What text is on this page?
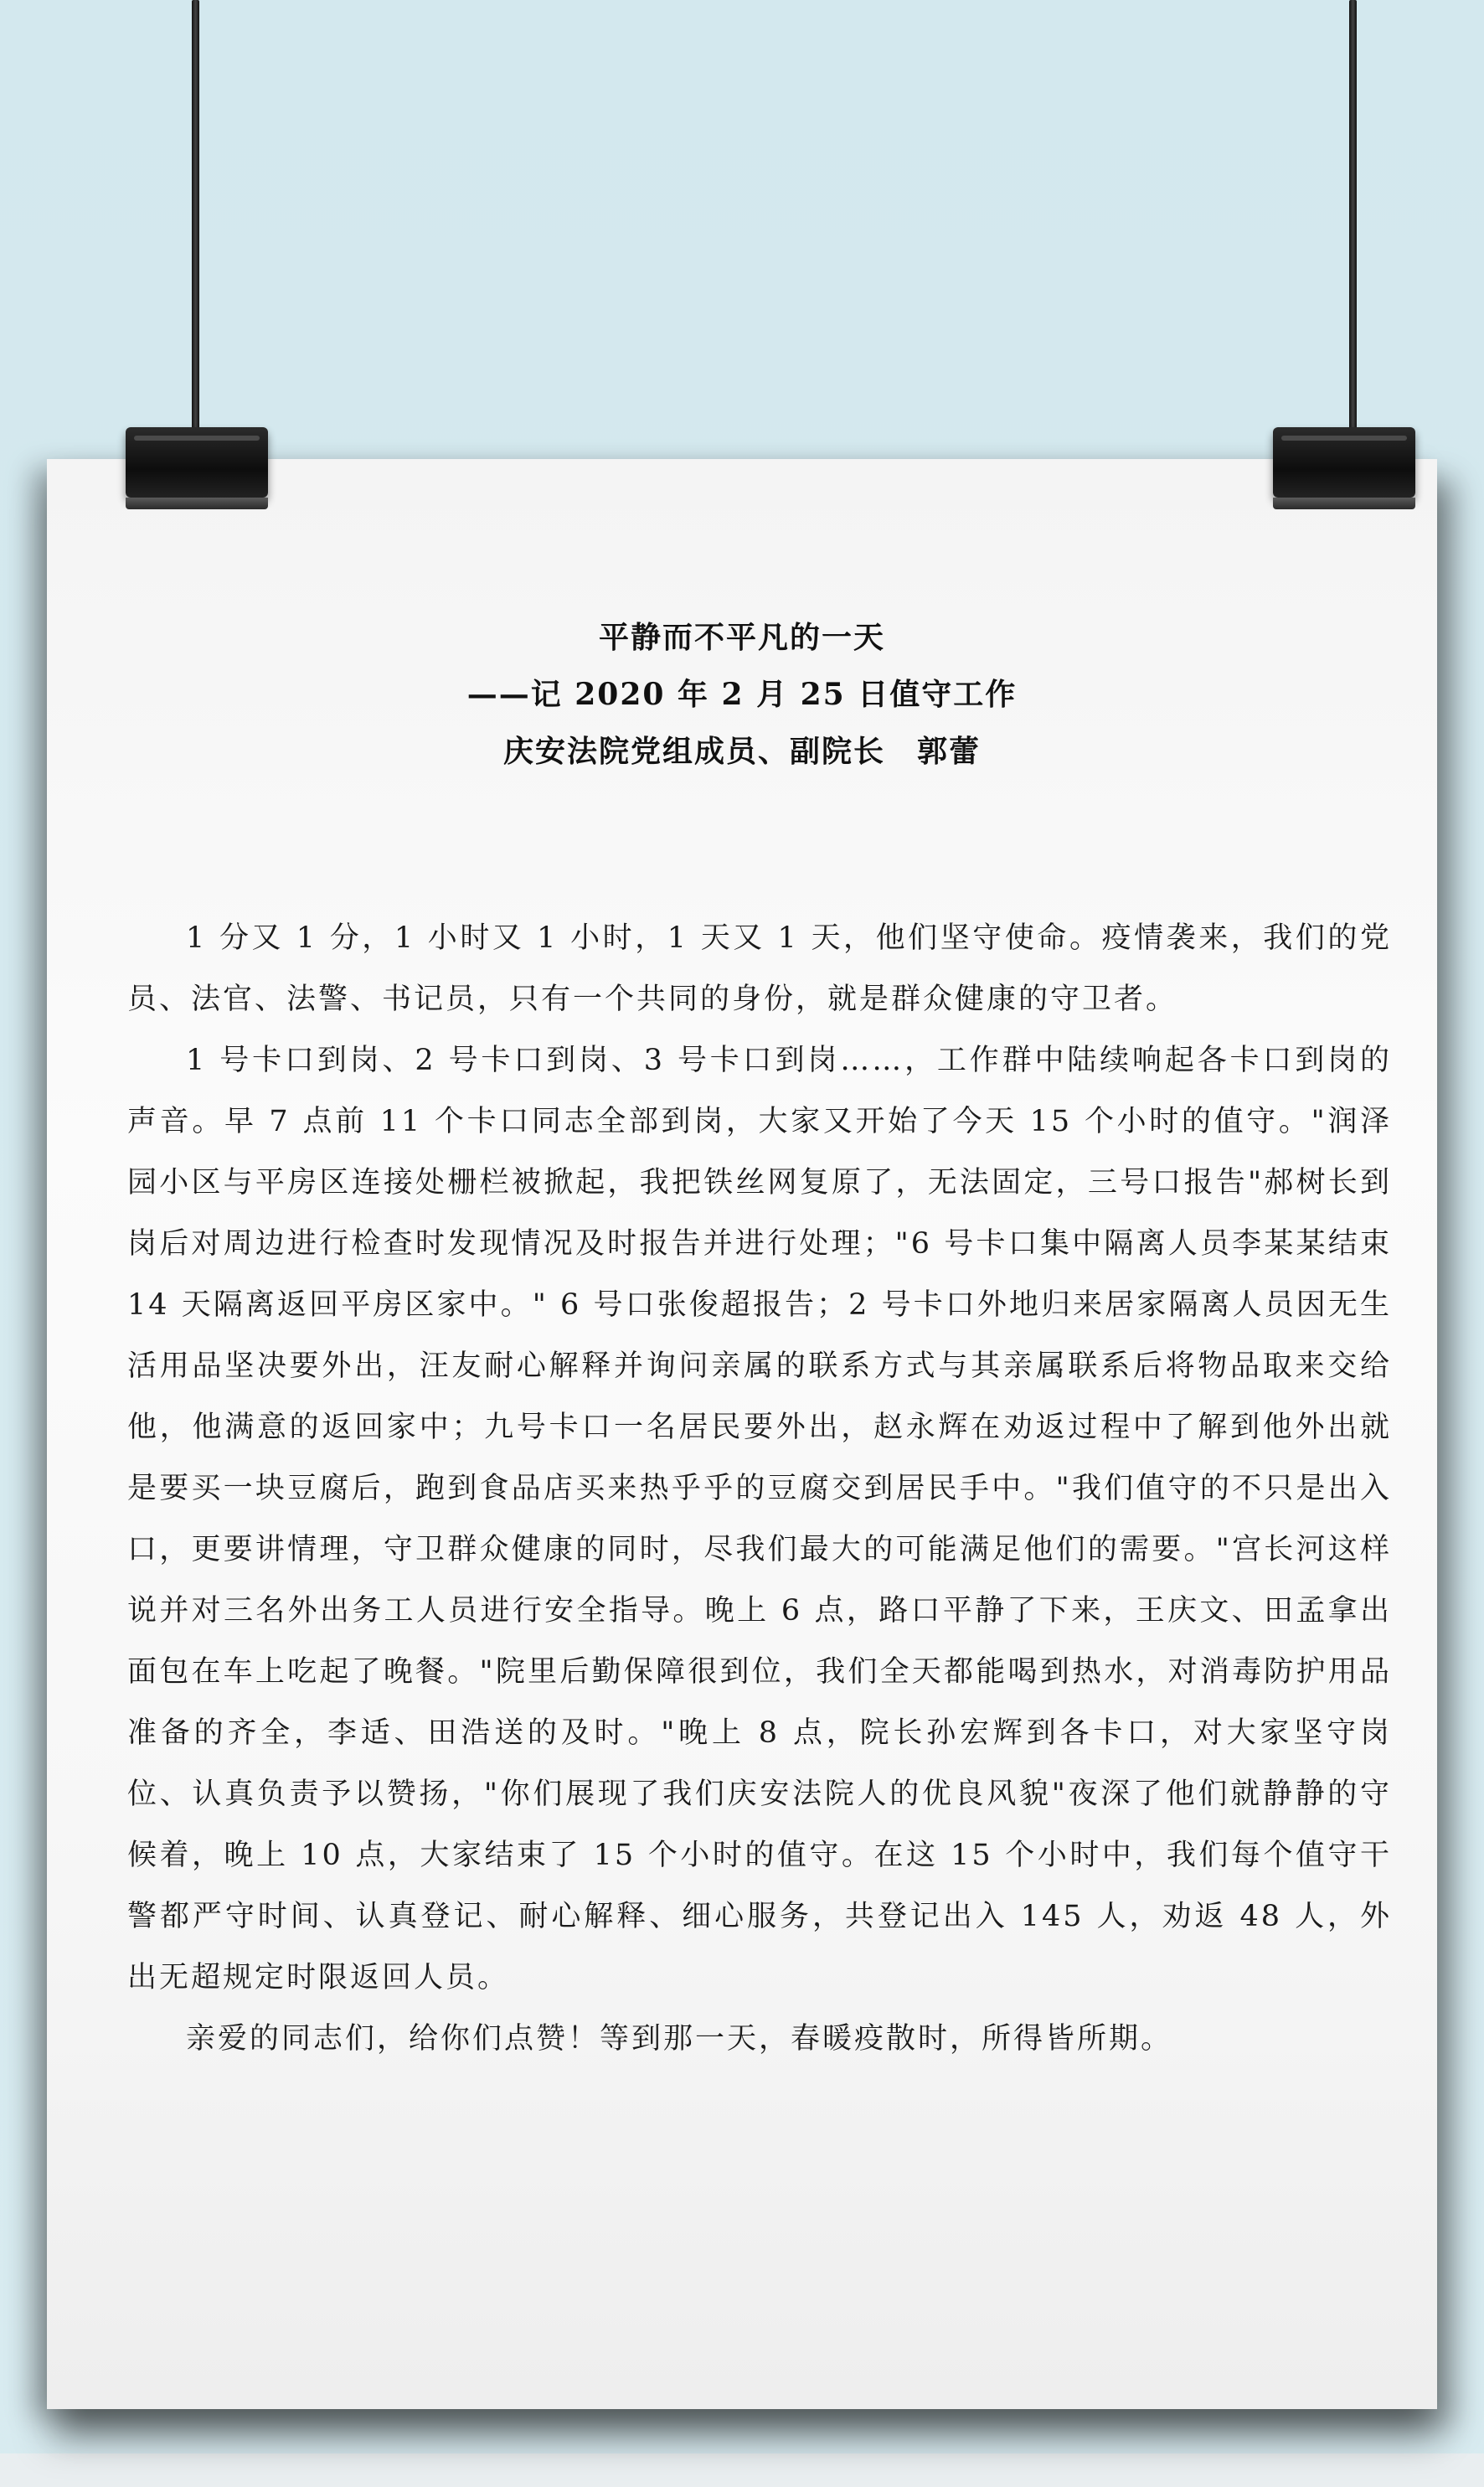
平静而不平凡的一天
——记 2020 年 2 月 25 日值守工作
庆安法院党组成员、副院长　郭蕾

1 分又 1 分，1 小时又 1 小时，1 天又 1 天，他们坚守使命。疫情袭来，我们的党员、法官、法警、书记员，只有一个共同的身份，就是群众健康的守卫者。

1 号卡口到岗、2 号卡口到岗、3 号卡口到岗……，工作群中陆续响起各卡口到岗的声音。早 7 点前 11 个卡口同志全部到岗，大家又开始了今天 15 个小时的值守。"润泽园小区与平房区连接处栅栏被掀起，我把铁丝网复原了，无法固定，三号口报告"郝树长到岗后对周边进行检查时发现情况及时报告并进行处理；"6 号卡口集中隔离人员李某某结束 14 天隔离返回平房区家中。" 6 号口张俊超报告；2 号卡口外地归来居家隔离人员因无生活用品坚决要外出，汪友耐心解释并询问亲属的联系方式与其亲属联系后将物品取来交给他，他满意的返回家中；九号卡口一名居民要外出，赵永辉在劝返过程中了解到他外出就是要买一块豆腐后，跑到食品店买来热乎乎的豆腐交到居民手中。"我们值守的不只是出入口，更要讲情理，守卫群众健康的同时，尽我们最大的可能满足他们的需要。"宫长河这样说并对三名外出务工人员进行安全指导。晚上 6 点，路口平静了下来，王庆文、田孟拿出面包在车上吃起了晚餐。"院里后勤保障很到位，我们全天都能喝到热水，对消毒防护用品准备的齐全，李适、田浩送的及时。"晚上 8 点，院长孙宏辉到各卡口，对大家坚守岗位、认真负责予以赞扬，"你们展现了我们庆安法院人的优良风貌"夜深了他们就静静的守候着，晚上 10 点，大家结束了 15 个小时的值守。在这 15 个小时中，我们每个值守干警都严守时间、认真登记、耐心解释、细心服务，共登记出入 145 人，劝返 48 人，外出无超规定时限返回人员。

亲爱的同志们，给你们点赞！等到那一天，春暖疫散时，所得皆所期。
